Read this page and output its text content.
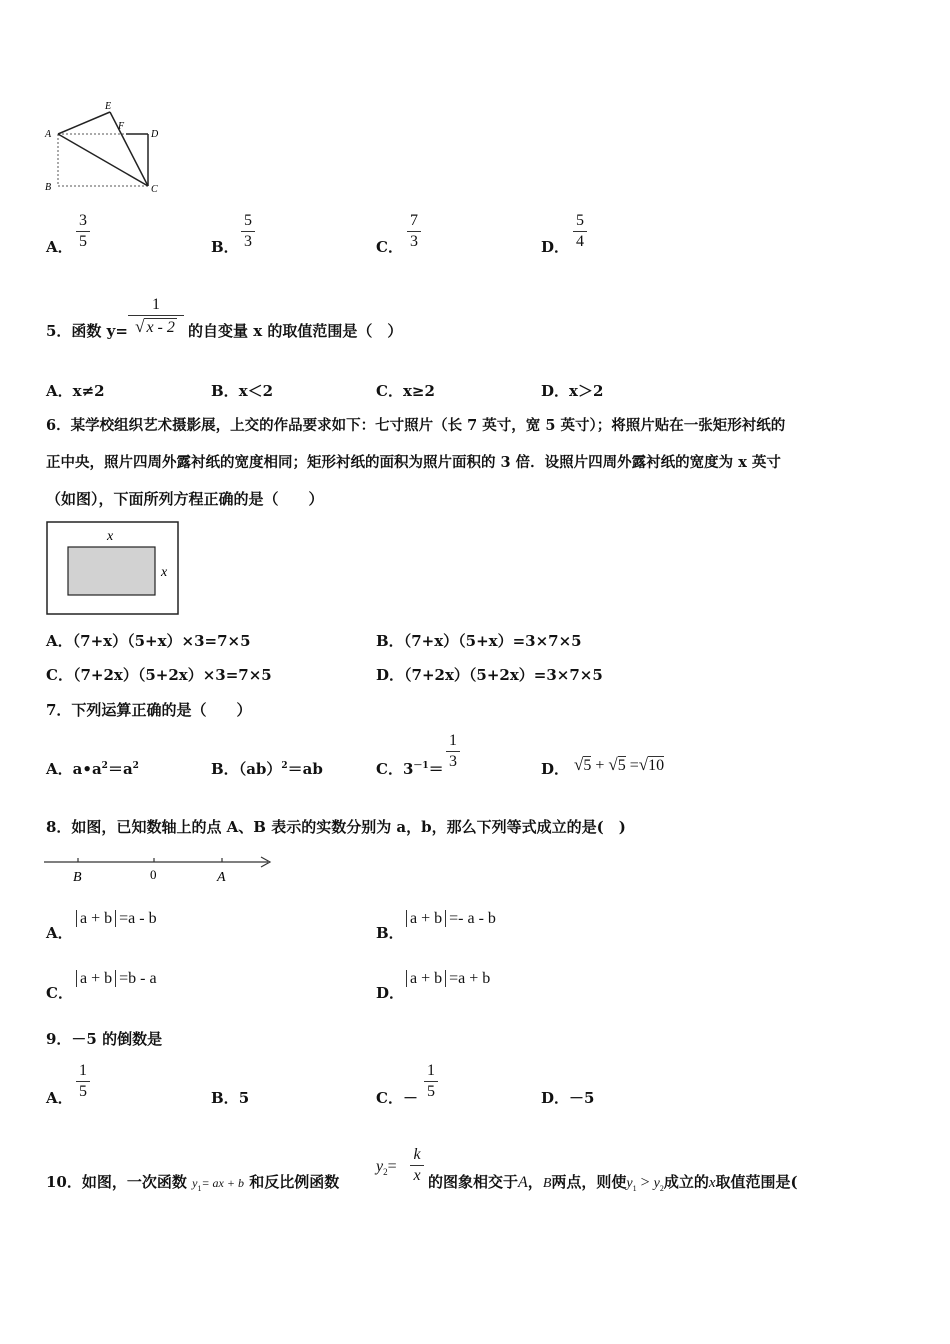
A
E
F
D
B	C
A．
3
5	B．
5
3	C．
7
3	D．
5
4
5．函数 y=
1
√ x - 2 的自变量 x 的取值范围是（　）
A．x≠2	B．x＜2	C．x≥2	D．x＞2
6．某学校组织艺术摄影展，上交的作品要求如下：七寸照片（长 7 英寸，宽 5 英寸）；将照片贴在一张矩形衬纸的
正中央，照片四周外露衬纸的宽度相同；矩形衬纸的面积为照片面积的 3 倍．设照片四周外露衬纸的宽度为 x 英寸
（如图），下面所列方程正确的是（　　）
x
x
A．（7+x）（5+x）×3=7×5	B．（7+x）（5+x）=3×7×5
C．（7+2x）（5+2x）×3=7×5	D．（7+2x）（5+2x）=3×7×5
7．下列运算正确的是（　　）
A．$a•a^2=a^2$	B．（ab）$^2$＝ab	C．$3^{-1}=$
1
3	D． √5 + √5 =√10
8．如图，已知数轴上的点 A、B 表示的实数分别为 a，b，那么下列等式成立的是(　)
B	0	A
A．
a + b =a - b
B．
a + b =- a - b
C．
a + b =b - a
D．
a + b =a + b
9．－5 的倒数是
A．
1
5	B．5	C．－
1
5	D．－5
10．如图，一次函数 $y_1=$ ax + b 和反比例函数
$y_2=$
k
x 的图象相交于A，B两点，则使$y_1 > y_2$成立的x取值范围是(
